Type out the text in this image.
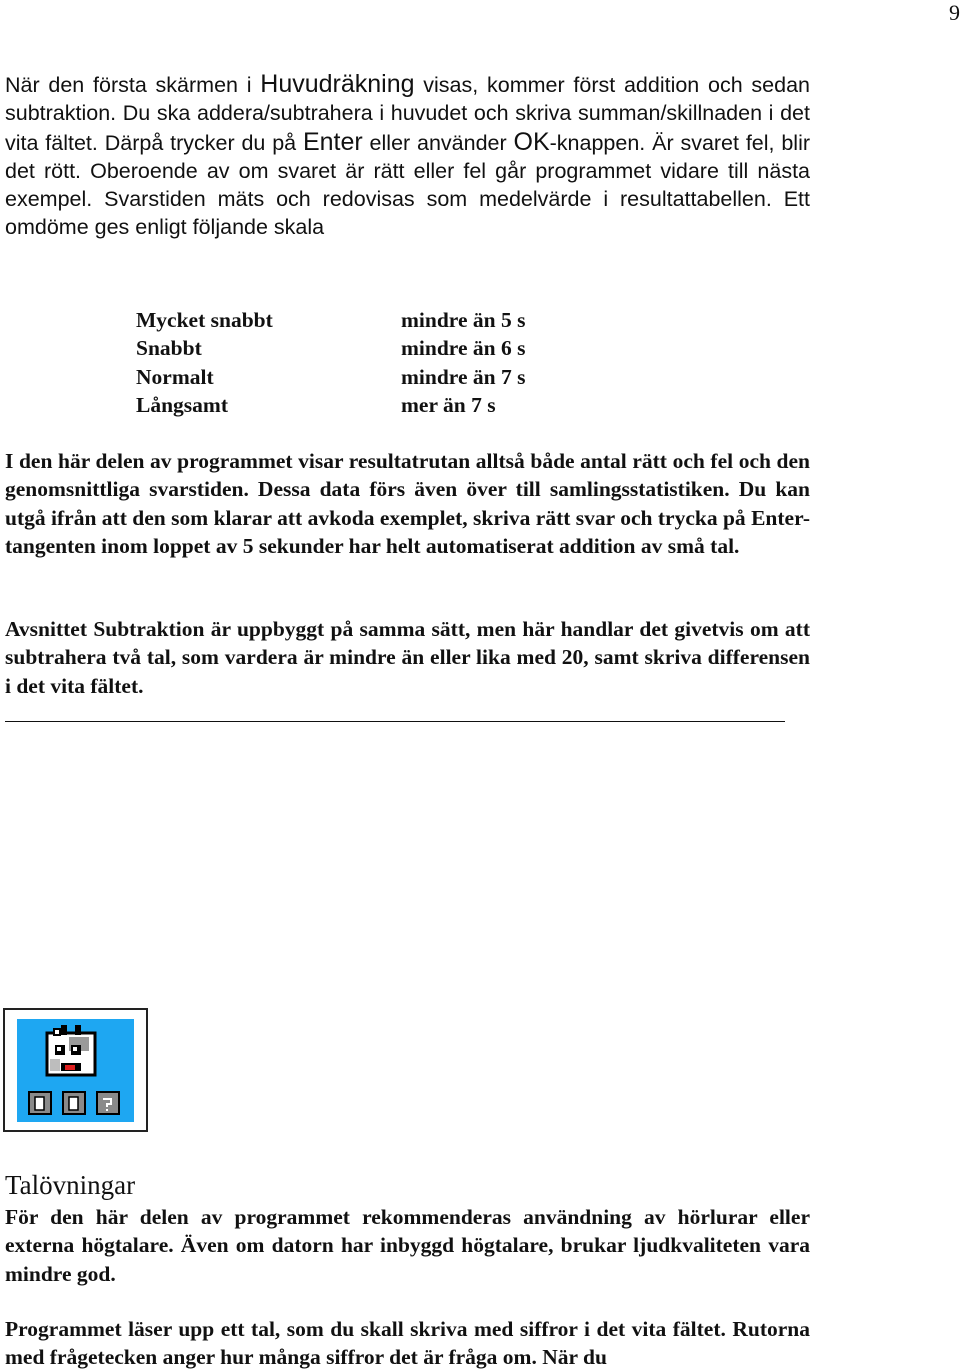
9

När den första skärmen i Huvudräkning visas, kommer först addition och sedan subtraktion. Du ska addera/subtrahera i huvudet och skriva summan/skillnaden i det vita fältet. Därpå trycker du på Enter eller använder OK-knappen. Är svaret fel, blir det rött. Oberoende av om svaret är rätt eller fel går programmet vidare till nästa exempel. Svarstiden mäts och redovisas som medelvärde i resultattabellen. Ett omdöme ges enligt följande skala

Mycket snabbt	mindre än 5 s
Snabbt	mindre än 6 s
Normalt	mindre än 7 s
Långsamt	mer än 7 s

I den här delen av programmet visar resultatrutan alltså både antal rätt och fel och den genomsnittliga svarstiden. Dessa data förs även över till samlingsstatistiken. Du kan utgå ifrån att den som klarar att avkoda exemplet, skriva rätt svar och trycka på Enter-tangenten inom loppet av 5 sekunder har helt automatiserat addition av små tal.

Avsnittet Subtraktion är uppbyggt på samma sätt, men här handlar det givetvis om att subtrahera två tal, som vardera är mindre än eller lika med 20, samt skriva differensen i det vita fältet.

Talövningar

För den här delen av programmet rekommenderas användning av hörlurar eller externa högtalare. Även om datorn har inbyggd högtalare, brukar ljudkvaliteten vara mindre god.

Programmet läser upp ett tal, som du skall skriva med siffror i det vita fältet. Rutorna med frågetecken anger hur många siffror det är fråga om. När du
